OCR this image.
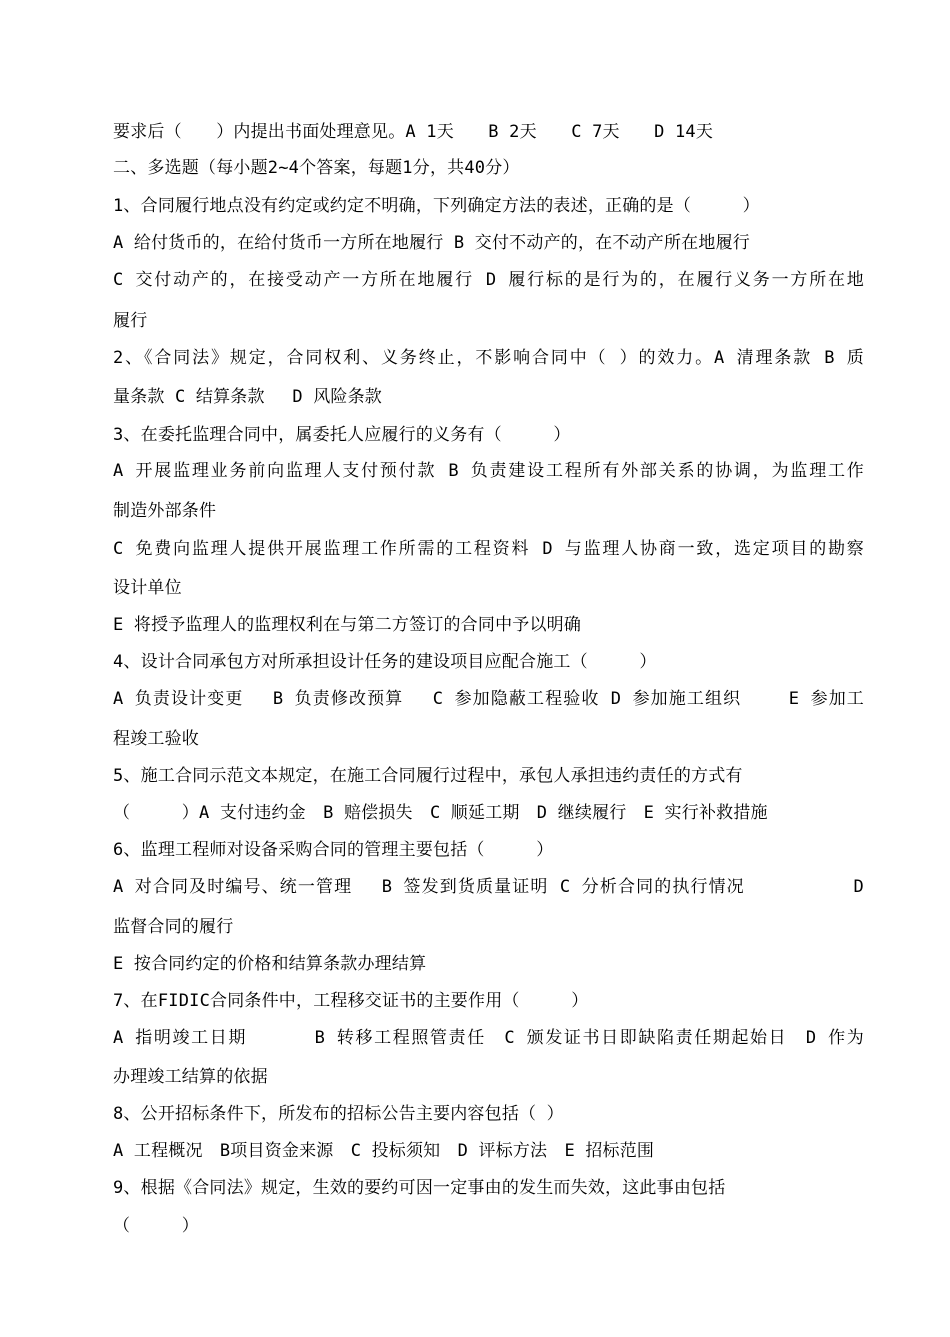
要求后（　　）内提出书面处理意见。A 1天　　B 2天　　C 7天　　D 14天
二、多选题（每小题2~4个答案，每题1分，共40分）
1、合同履行地点没有约定或约定不明确，下列确定方法的表述，正确的是（　　　）
A 给付货币的，在给付货币一方所在地履行 B 交付不动产的，在不动产所在地履行
C 交付动产的，在接受动产一方所在地履行 D 履行标的是行为的，在履行义务一方所在地
履行
2、《合同法》规定，合同权利、义务终止，不影响合同中（ ）的效力。A 清理条款 B 质
量条款 C 结算条款　 D 风险条款
3、在委托监理合同中，属委托人应履行的义务有（　　　）
A 开展监理业务前向监理人支付预付款 B 负责建设工程所有外部关系的协调，为监理工作
制造外部条件
C 免费向监理人提供开展监理工作所需的工程资料 D 与监理人协商一致，选定项目的勘察
设计单位
E 将授予监理人的监理权利在与第二方签订的合同中予以明确
4、设计合同承包方对所承担设计任务的建设项目应配合施工（　　　）
A 负责设计变更　 B 负责修改预算　 C 参加隐蔽工程验收 D 参加施工组织　　 E 参加工
程竣工验收
5、施工合同示范文本规定，在施工合同履行过程中，承包人承担违约责任的方式有
（　　　）A 支付违约金　B 赔偿损失　C 顺延工期　D 继续履行　E 实行补救措施
6、监理工程师对设备采购合同的管理主要包括（　　　）
A 对合同及时编号、统一管理　 B 签发到货质量证明 C 分析合同的执行情况　　　　　　D
监督合同的履行
E 按合同约定的价格和结算条款办理结算
7、在FIDIC合同条件中，工程移交证书的主要作用（　　　）
A 指明竣工日期　　　 B 转移工程照管责任　C 颁发证书日即缺陷责任期起始日　D 作为
办理竣工结算的依据
8、公开招标条件下，所发布的招标公告主要内容包括（ ）
A 工程概况　B项目资金来源　C 投标须知　D 评标方法　E 招标范围
9、根据《合同法》规定，生效的要约可因一定事由的发生而失效，这此事由包括
（　　　）
